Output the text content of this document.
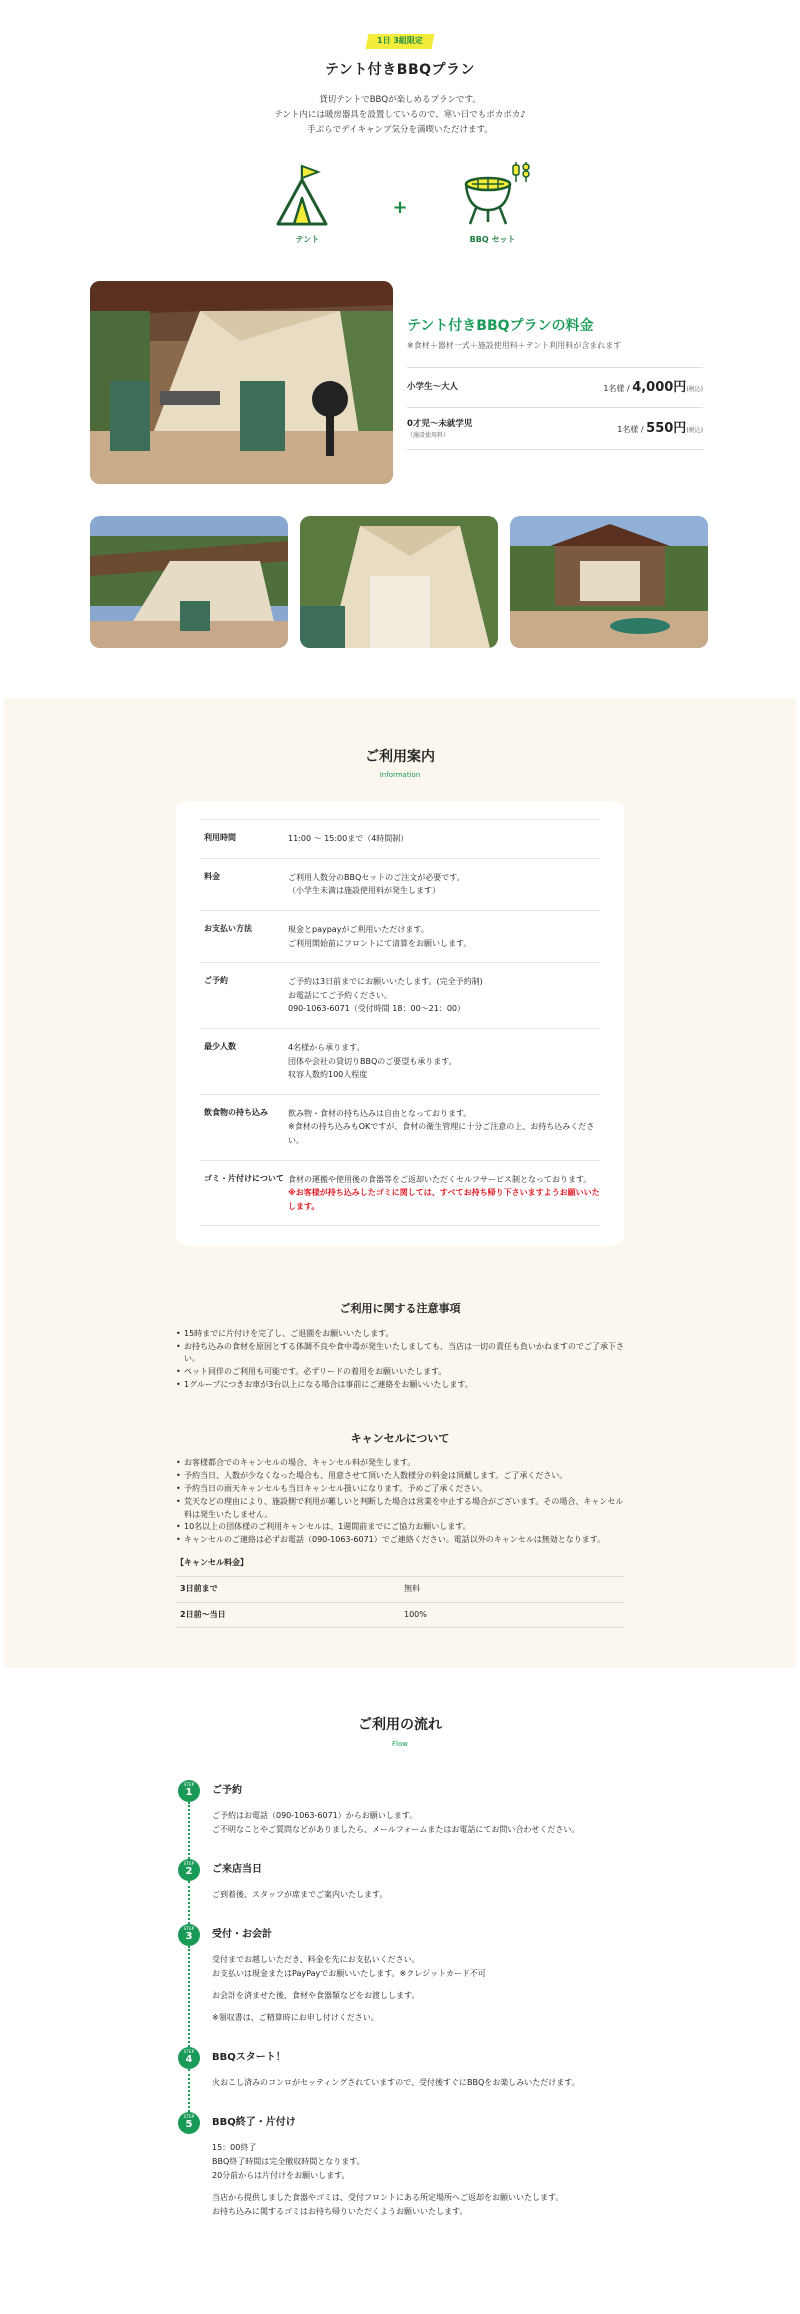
1日 3組限定
テント付きBBQプラン
貸切テントでBBQが楽しめるプランです。
テント内には暖房器具を設置しているので、寒い日でもポカポカ♪
手ぶらでデイキャンプ気分を満喫いただけます。
テント
+
BBQ セット
テント付きBBQプランの料金
※食材＋器材一式＋施設使用料＋テント利用料が含まれます
小学生〜大人	1名様 / 4,000円(税込)
0才児〜未就学児
（施設使用料）
1名様 / 550円(税込)
ご利用案内
Information
利用時間	11:00 〜 15:00まで（4時間制）
料金	ご利用人数分のBBQセットのご注文が必要です。
（小学生未満は施設使用料が発生します）
お支払い方法	現金とpaypayがご利用いただけます。
ご利用開始前にフロントにて清算をお願いします。
ご予約	ご予約は3日前までにお願いいたします。(完全予約制)
お電話にてご予約ください。
090-1063-6071（受付時間 18：00〜21：00）
最少人数	4名様から承ります。
団体や会社の貸切りBBQのご要望も承ります。
収容人数約100人程度
飲食物の持ち込み	飲み物・食材の持ち込みは自由となっております。
※食材の持ち込みもOKですが、食材の衛生管理に十分ご注意の上、お持ち込みください。
ゴミ・片付けについて 食材の運搬や使用後の食器等をご返却いただくセルフサービス制となっております。
※お客様が持ち込みしたゴミに関しては、すべてお持ち帰り下さいますようお願いいたします。
ご利用に関する注意事項
• 15時までに片付けを完了し、ご退園をお願いいたします。
• お持ち込みの食材を原因とする体調不良や食中毒が発生いたしましても、当店は一切の責任も負いかねますのでご了承下さい。
• ペット同伴のご利用も可能です。必ずリードの着用をお願いいたします。
• 1グループにつきお車が3台以上になる場合は事前にご連絡をお願いいたします。
キャンセルについて
• お客様都合でのキャンセルの場合、キャンセル料が発生します。
• 予約当日、人数が少なくなった場合も、用意させて頂いた人数様分の料金は頂戴します。ご了承ください。
• 予約当日の雨天キャンセルも当日キャンセル扱いになります。予めご了承ください。
• 荒天などの理由により、施設側で利用が難しいと判断した場合は営業を中止する場合がございます。その場合、キャンセル料は発生いたしません。
• 10名以上の団体様のご利用キャンセルは、1週間前までにご協力お願いします。
• キャンセルのご連絡は必ずお電話（090-1063-6071）でご連絡ください。電話以外のキャンセルは無効となります。
【キャンセル料金】
3日前まで	無料
2日前〜当日	100%
ご利用の流れ
Flow
STEP
1	ご予約

ご予約はお電話（090-1063-6071）からお願いします。
ご不明なことやご質問などがありましたら、メールフォームまたはお電話にてお問い合わせください。

STEP
2	ご来店当日

ご到着後、スタッフが席までご案内いたします。

STEP
3	受付・お会計

受付までお越しいただき、料金を先にお支払いください。
お支払いは現金またはPayPayでお願いいたします。※クレジットカード不可

お会計を済ませた後、食材や食器類などをお渡しします。

※領収書は、ご精算時にお申し付けください。

STEP
4	BBQスタート！

火おこし済みのコンロがセッティングされていますので、受付後すぐにBBQをお楽しみいただけます。

STEP
5	BBQ終了・片付け

15：00終了
BBQ終了時間は完全撤収時間となります。
20分前からは片付けをお願いします。

当店から提供しました食器やゴミは、受付フロントにある所定場所へご返却をお願いいたします。
お持ち込みに関するゴミはお持ち帰りいただくようお願いいたします。
